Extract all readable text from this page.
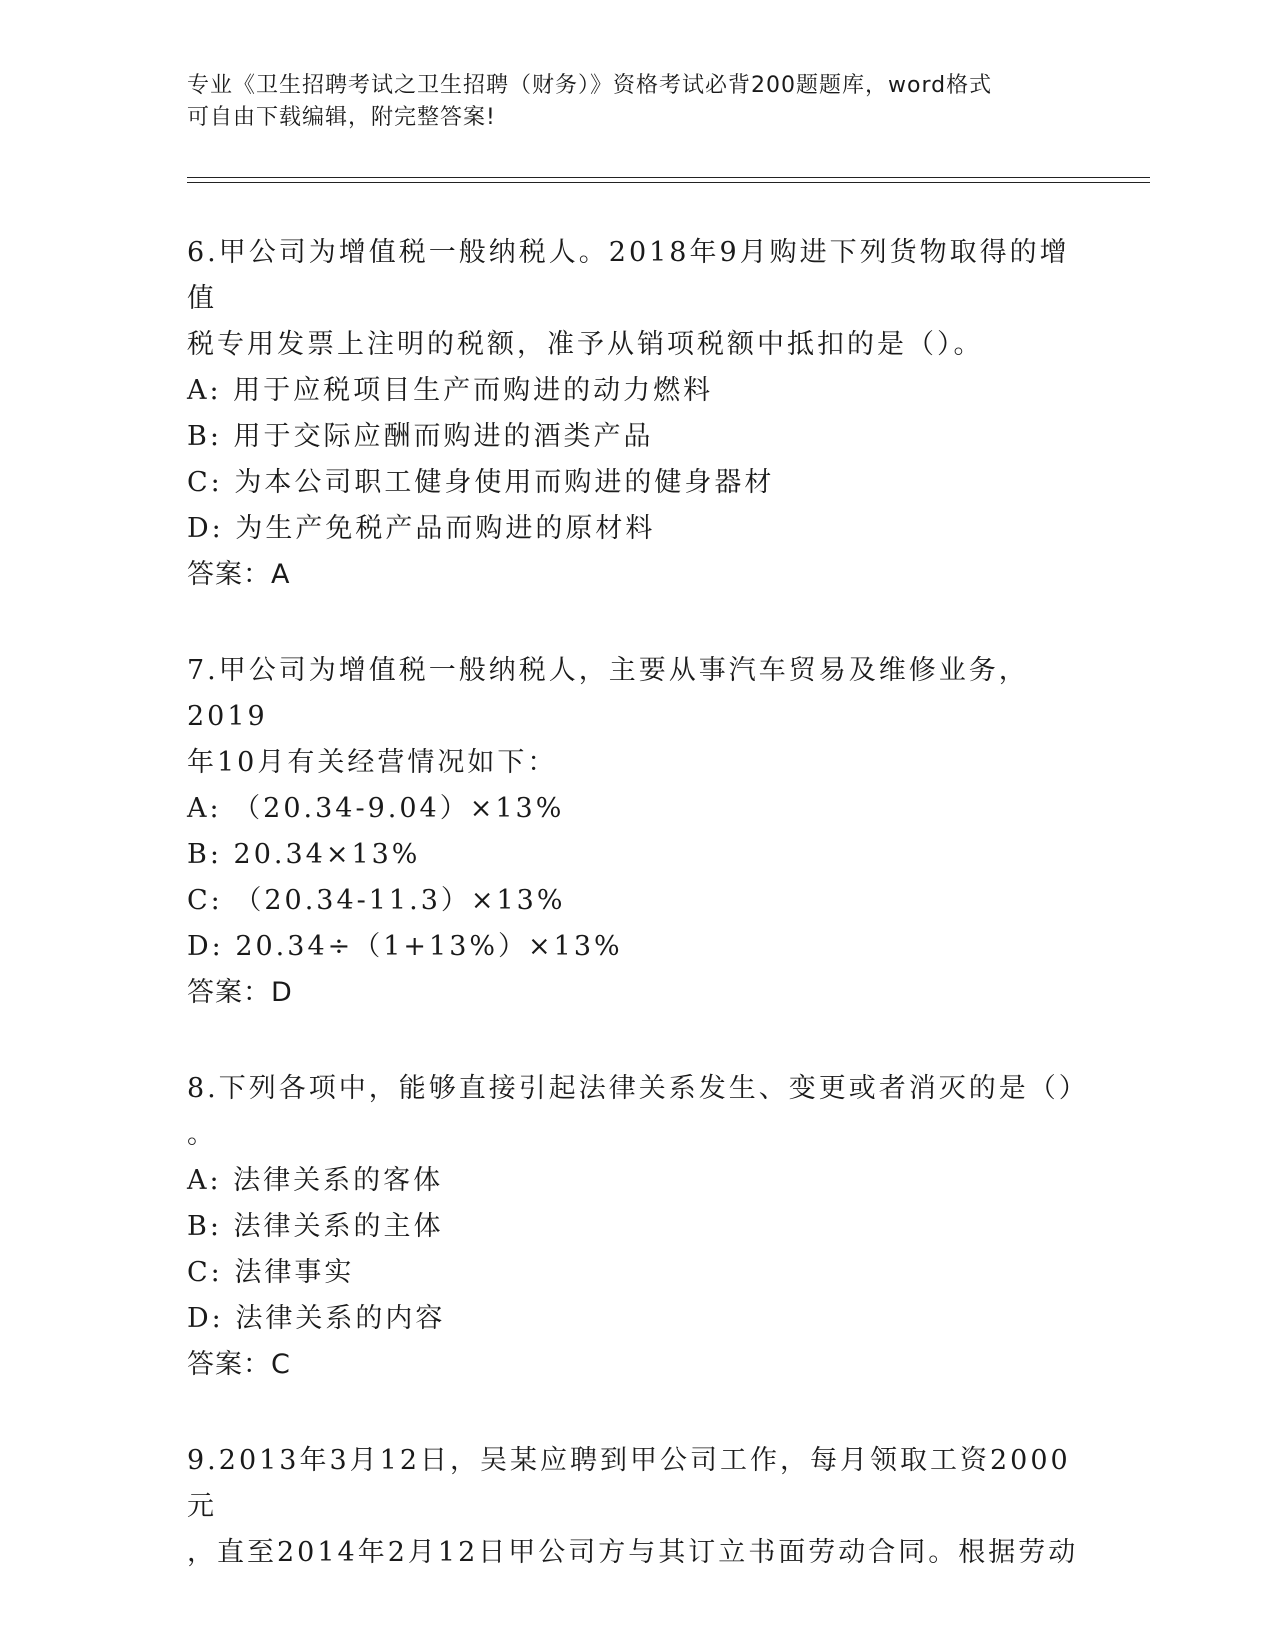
专业《卫生招聘考试之卫生招聘（财务）》资格考试必背200题题库，word格式
可自由下载编辑，附完整答案!

6.甲公司为增值税一般纳税人。2018年9月购进下列货物取得的增值

税专用发票上注明的税额，准予从销项税额中抵扣的是（）。

A: 用于应税项目生产而购进的动力燃料

B: 用于交际应酬而购进的酒类产品

C: 为本公司职工健身使用而购进的健身器材

D: 为生产免税产品而购进的原材料

答案：A

7.甲公司为增值税一般纳税人，主要从事汽车贸易及维修业务，2019

年10月有关经营情况如下：

A: （20.34-9.04）×13%

B: 20.34×13%

C: （20.34-11.3）×13%

D: 20.34÷（1+13%）×13%

答案：D

8.下列各项中，能够直接引起法律关系发生、变更或者消灭的是（）

。

A: 法律关系的客体

B: 法律关系的主体

C: 法律事实

D: 法律关系的内容

答案：C

9.2013年3月12日，吴某应聘到甲公司工作，每月领取工资2000元

，直至2014年2月12日甲公司方与其订立书面劳动合同。根据劳动
